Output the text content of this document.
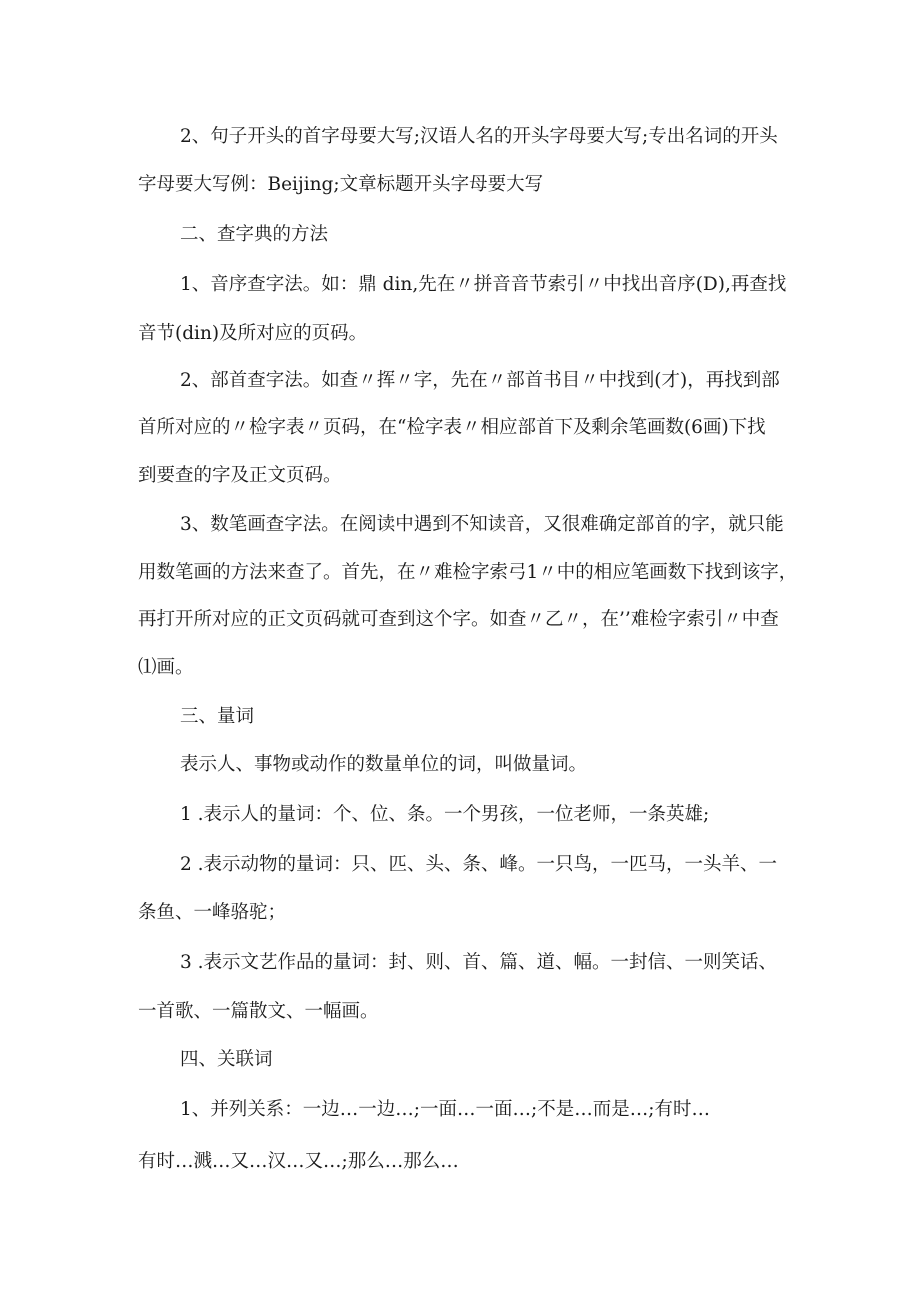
2、句子开头的首字母要大写;汉语人名的开头字母要大写;专出名词的开头
字母要大写例：Beijing;文章标题开头字母要大写
二、查字典的方法
1、音序查字法。如：鼎 din,先在〃拼音音节索引〃中找出音序(D),再查找
音节(din)及所对应的页码。
2、部首查字法。如查〃挥〃字，先在〃部首书目〃中找到(才)，再找到部
首所对应的〃检字表〃页码，在“检字表〃相应部首下及剩余笔画数(6画)下找
到要查的字及正文页码。
3、数笔画查字法。在阅读中遇到不知读音，又很难确定部首的字，就只能
用数笔画的方法来查了。首先，在〃难检字索弓1〃中的相应笔画数下找到该字，
再打开所对应的正文页码就可查到这个字。如查〃乙〃，在’’难检字索引〃中查
⑴画。
三、量词
表示人、事物或动作的数量单位的词，叫做量词。
1 .表示人的量词：个、位、条。一个男孩，一位老师，一条英雄;
2 .表示动物的量词：只、匹、头、条、峰。一只鸟，一匹马，一头羊、一
条鱼、一峰骆驼；
3 .表示文艺作品的量词：封、则、首、篇、道、幅。一封信、一则笑话、
一首歌、一篇散文、一幅画。
四、关联词
1、并列关系：一边…一边…;一面…一面…;不是…而是…;有时…
有时…溅…又…汉…又…;那么…那么…
